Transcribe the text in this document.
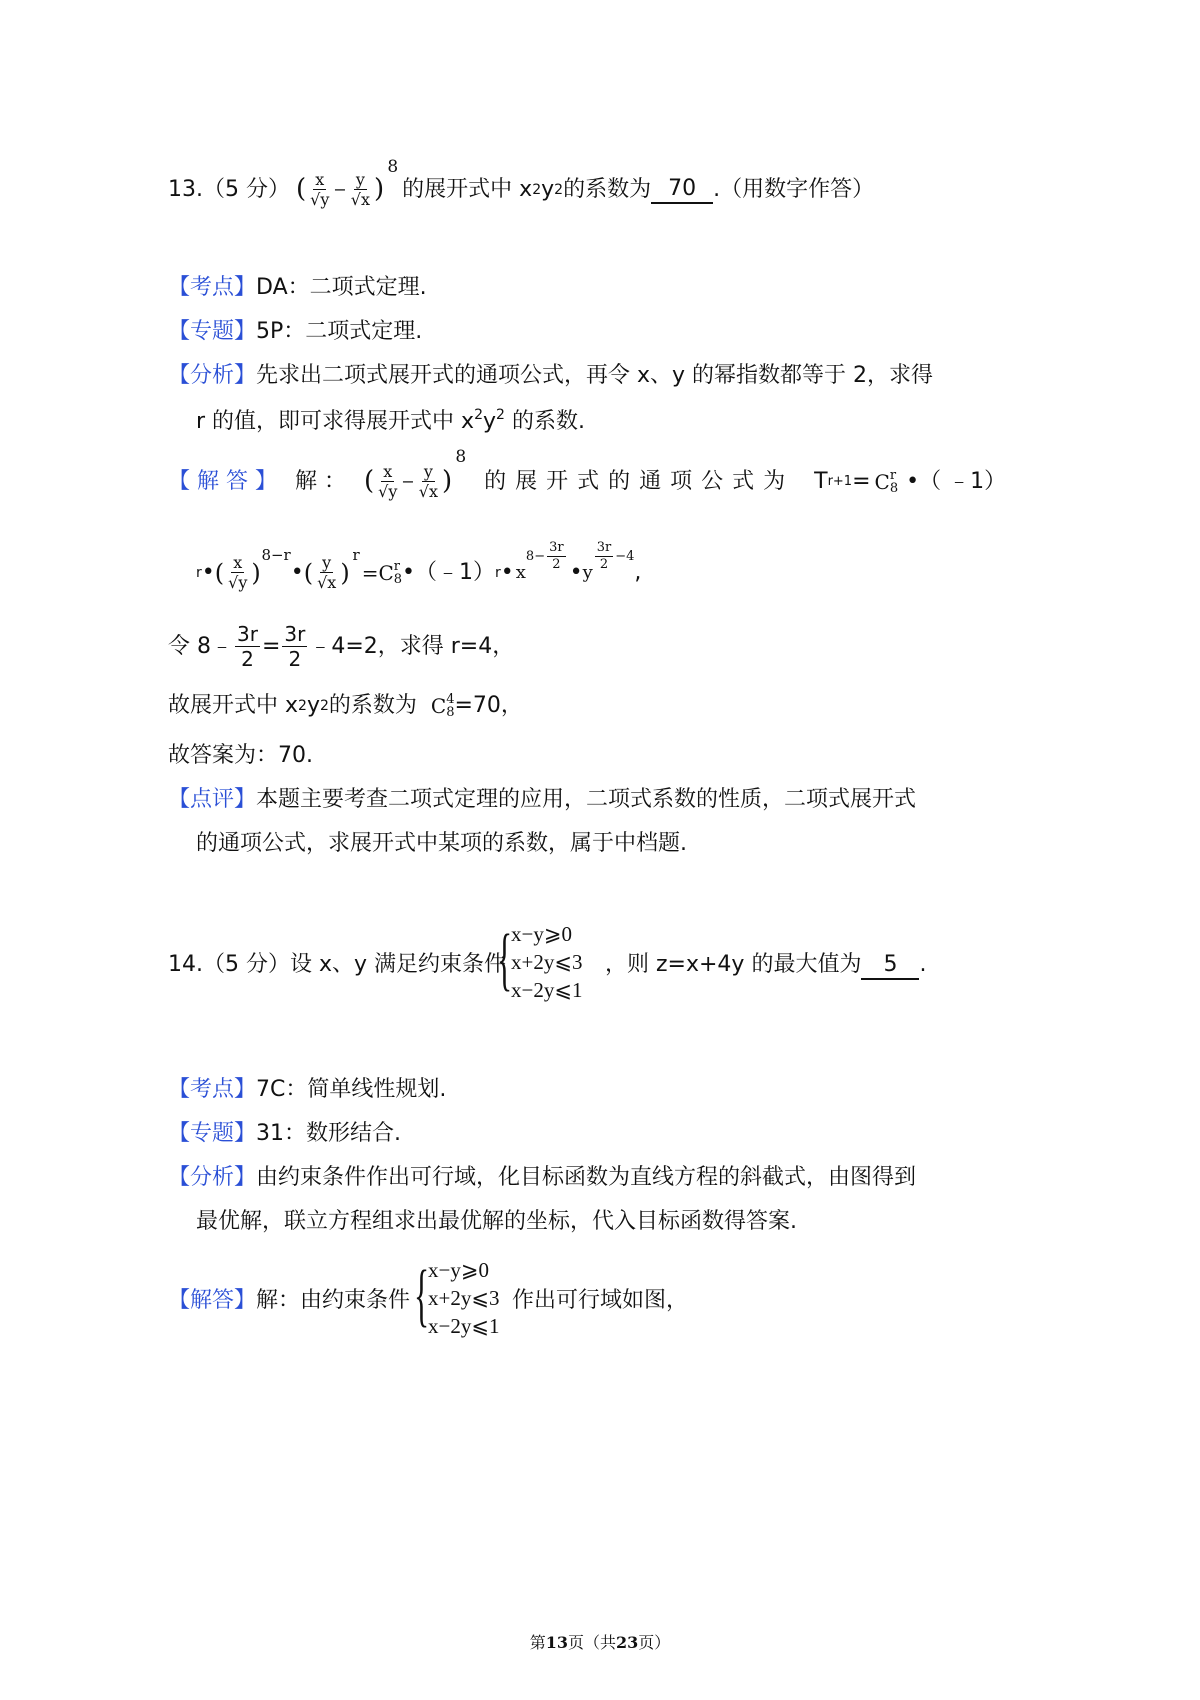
13. （5 分） ( $\frac{x}{√y} - \frac{y}{√x}$ )
8
的展开式中 x 2 y 2 的系数为 70 .（用数字作答）
【考点】DA：二项式定理.
【专题】5P：二项式定理.
【分析】先求出二项式展开式的通项公式，再令 x、y 的幂指数都等于 2，求得
r 的值，即可求得展开式中 $x^2y^2$ 的系数.
【 解 答 】 解 ： ( $\frac{x}{√y} - \frac{y}{√x}$ )
8
的 展 开 式 的 通 项 公 式 为 T r+1 = C r
8 •（ ﹣1）
r • ( $\frac{x}{√y}$ )
8−r
• ( $\frac{y}{√x}$ )
r
=C r
8 •（﹣1） r • x
$8- \frac{3r}{2}$ • y $\frac{3r}{2} -4$
,
令 8﹣ $\frac{3r}{2} = \frac{3r}{2}$ ﹣4=2，求得 r=4，
故展开式中 x 2 y 2 的系数为 C 4
8 =70，
故答案为：70.
【点评】本题主要考查二项式定理的应用，二项式系数的性质，二项式展开式
的通项公式，求展开式中某项的系数，属于中档题.
14.（5 分）设 x、y 满足约束条件
{
x−y⩾0
x+2y⩽3
x−2y⩽1
，则 z=x+4y 的最大值为 5 .
【考点】7C：简单线性规划.
【专题】31：数形结合.
【分析】由约束条件作出可行域，化目标函数为直线方程的斜截式，由图得到
最优解，联立方程组求出最优解的坐标，代入目标函数得答案.
【解答】解：由约束条件 {
x−y⩾0
x+2y⩽3
x−2y⩽1
作出可行域如图，
第13页（共23页）
